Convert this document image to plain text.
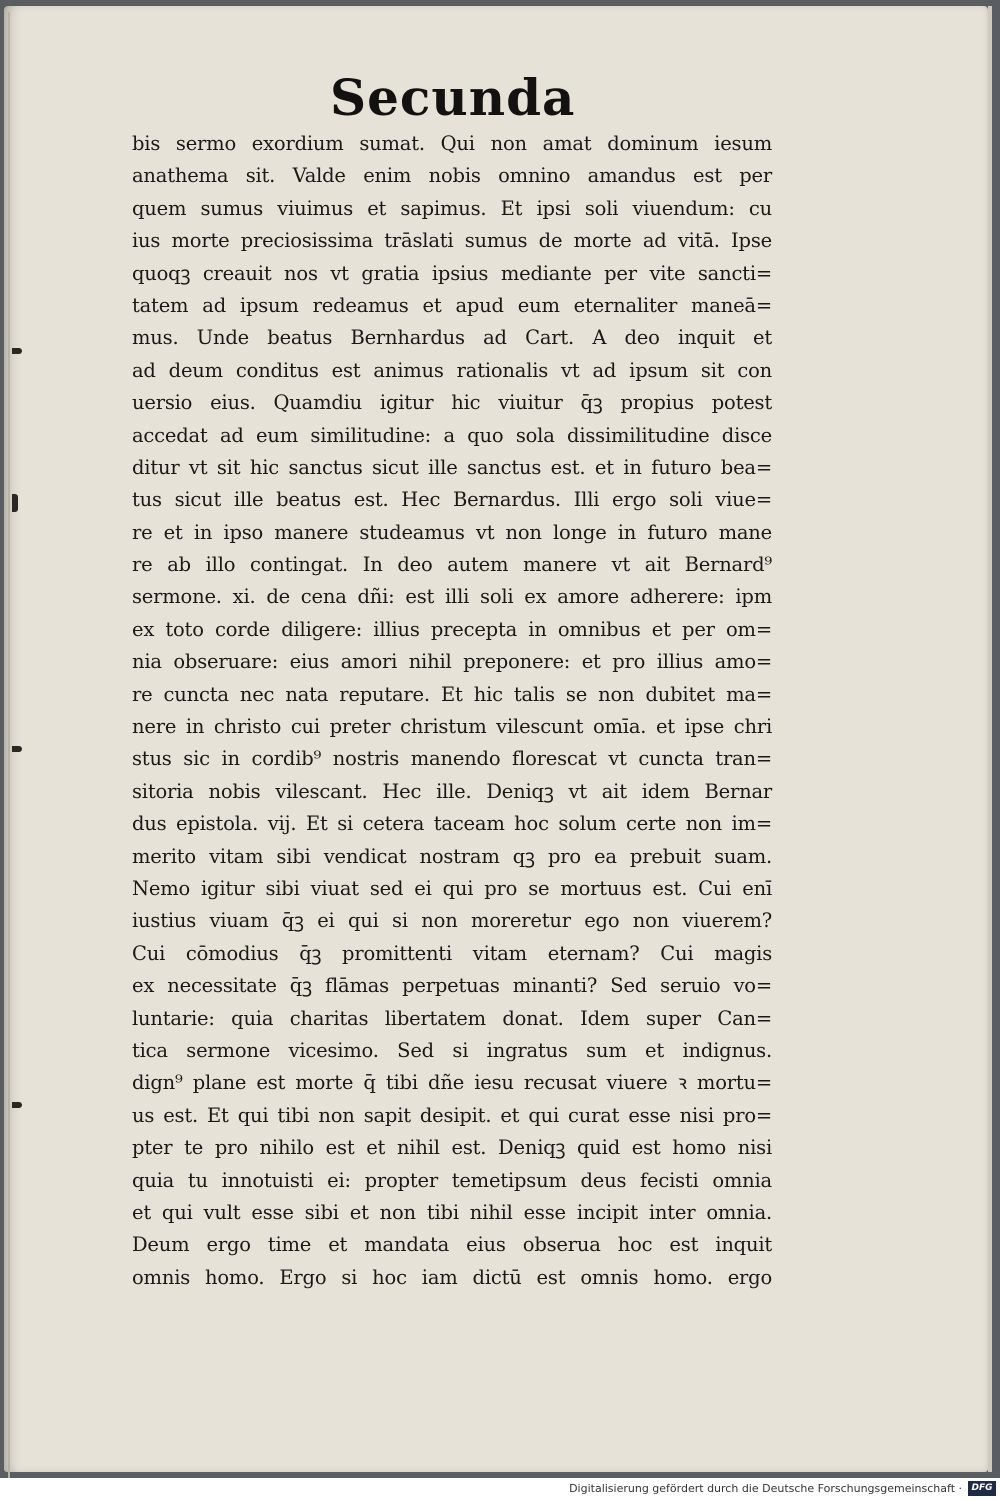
Secunda
bis sermo exordium sumat. Qui non amat dominum iesum
anathema sit. Valde enim nobis omnino amandus est per
quem sumus viuimus et sapimus. Et ipsi soli viuendum: cu
ius morte preciosissima trāslati sumus de morte ad vitā. Ipse
quoqꝫ creauit nos vt gratia ipsius mediante per vite sancti=
tatem ad ipsum redeamus et apud eum eternaliter maneā=
mus. Unde beatus Bernhardus ad Cart. A deo inquit et
ad deum conditus est animus rationalis vt ad ipsum sit con
uersio eius. Quamdiu igitur hic viuitur q̄ꝫ propius potest
accedat ad eum similitudine: a quo sola dissimilitudine disce
ditur vt sit hic sanctus sicut ille sanctus est. et in futuro bea=
tus sicut ille beatus est. Hec Bernardus. Illi ergo soli viue=
re et in ipso manere studeamus vt non longe in futuro mane
re ab illo contingat. In deo autem manere vt ait Bernard⁹
sermone. xi. de cena dñi: est illi soli ex amore adherere: ipm
ex toto corde diligere: illius precepta in omnibus et per om=
nia obseruare: eius amori nihil preponere: et pro illius amo=
re cuncta nec nata reputare. Et hic talis se non dubitet ma=
nere in christo cui preter christum vilescunt omīa. et ipse chri
stus sic in cordib⁹ nostris manendo florescat vt cuncta tran=
sitoria nobis vilescant. Hec ille. Deniqꝫ vt ait idem Bernar
dus epistola. vij. Et si cetera taceam hoc solum certe non im=
merito vitam sibi vendicat nostram qꝫ pro ea prebuit suam.
Nemo igitur sibi viuat sed ei qui pro se mortuus est. Cui enī
iustius viuam q̄ꝫ ei qui si non moreretur ego non viuerem?
Cui cōmodius q̄ꝫ promittenti vitam eternam? Cui magis
ex necessitate q̄ꝫ flāmas perpetuas minanti? Sed seruio vo=
luntarie: quia charitas libertatem donat. Idem super Can=
tica sermone vicesimo. Sed si ingratus sum et indignus.
dign⁹ plane est morte q̄ tibi dñe iesu recusat viuere ꝛ mortu=
us est. Et qui tibi non sapit desipit. et qui curat esse nisi pro=
pter te pro nihilo est et nihil est. Deniqꝫ quid est homo nisi
quia tu innotuisti ei: propter temetipsum deus fecisti omnia
et qui vult esse sibi et non tibi nihil esse incipit inter omnia.
Deum ergo time et mandata eius obserua hoc est inquit
omnis homo. Ergo si hoc iam dictū est omnis homo. ergo
Digitalisierung gefördert durch die Deutsche Forschungsgemeinschaft ·	DFG
